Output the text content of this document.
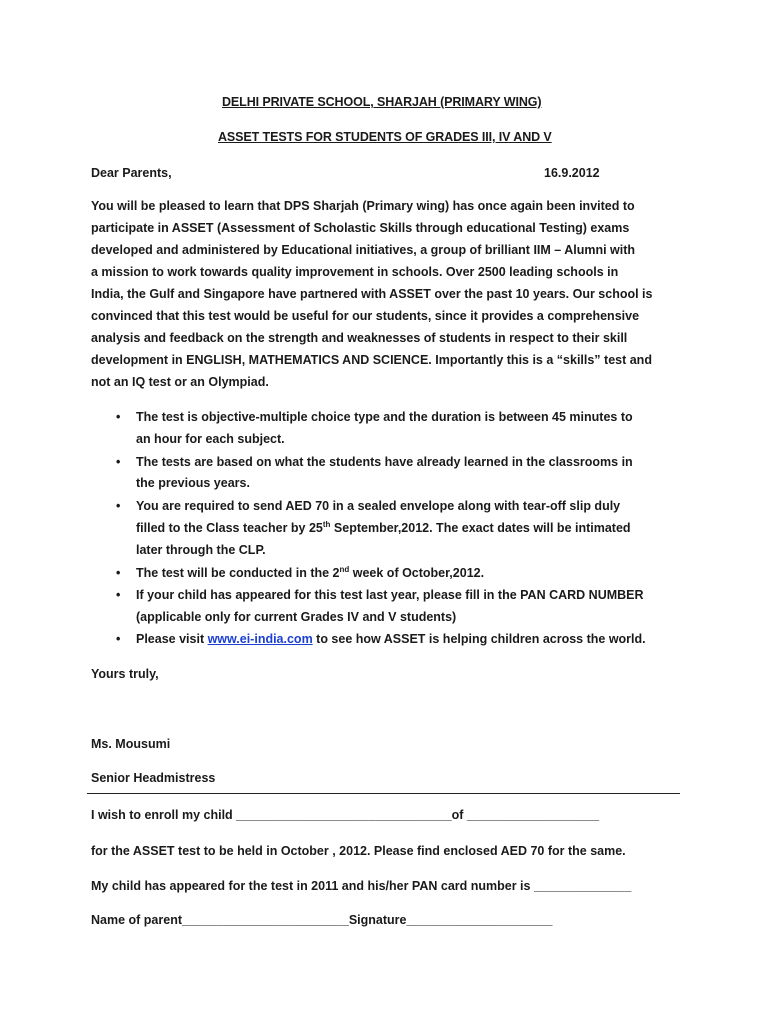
DELHI PRIVATE SCHOOL, SHARJAH (PRIMARY WING)
ASSET TESTS FOR STUDENTS OF GRADES III, IV AND V
Dear Parents,	16.9.2012
You will be pleased to learn that DPS Sharjah (Primary wing) has once again been invited to
participate in ASSET (Assessment of Scholastic Skills through educational Testing) exams
developed and administered by Educational initiatives, a group of brilliant IIM – Alumni with
a mission to work towards quality improvement in schools. Over 2500 leading schools in
India, the Gulf and Singapore have partnered with ASSET over the past 10 years. Our school is
convinced that this test would be useful for our students, since it provides a comprehensive
analysis and feedback on the strength and weaknesses of students in respect to their skill
development in ENGLISH, MATHEMATICS AND SCIENCE. Importantly this is a “skills” test and
not an IQ test or an Olympiad.
• The test is objective-multiple choice type and the duration is between 45 minutes to
an hour for each subject.
• The tests are based on what the students have already learned in the classrooms in
the previous years.
• You are required to send AED 70 in a sealed envelope along with tear-off slip duly
filled to the Class teacher by 25th September,2012. The exact dates will be intimated
later through the CLP.
• The test will be conducted in the 2nd week of October,2012.
• If your child has appeared for this test last year, please fill in the PAN CARD NUMBER
(applicable only for current Grades IV and V students)
• Please visit www.ei-india.com to see how ASSET is helping children across the world.
Yours truly,
Ms. Mousumi
Senior Headmistress
I wish to enroll my child _______________________________of ___________________
for the ASSET test to be held in October , 2012. Please find enclosed AED 70 for the same.
My child has appeared for the test in 2011 and his/her PAN card number is ______________
Name of parent________________________Signature_____________________
